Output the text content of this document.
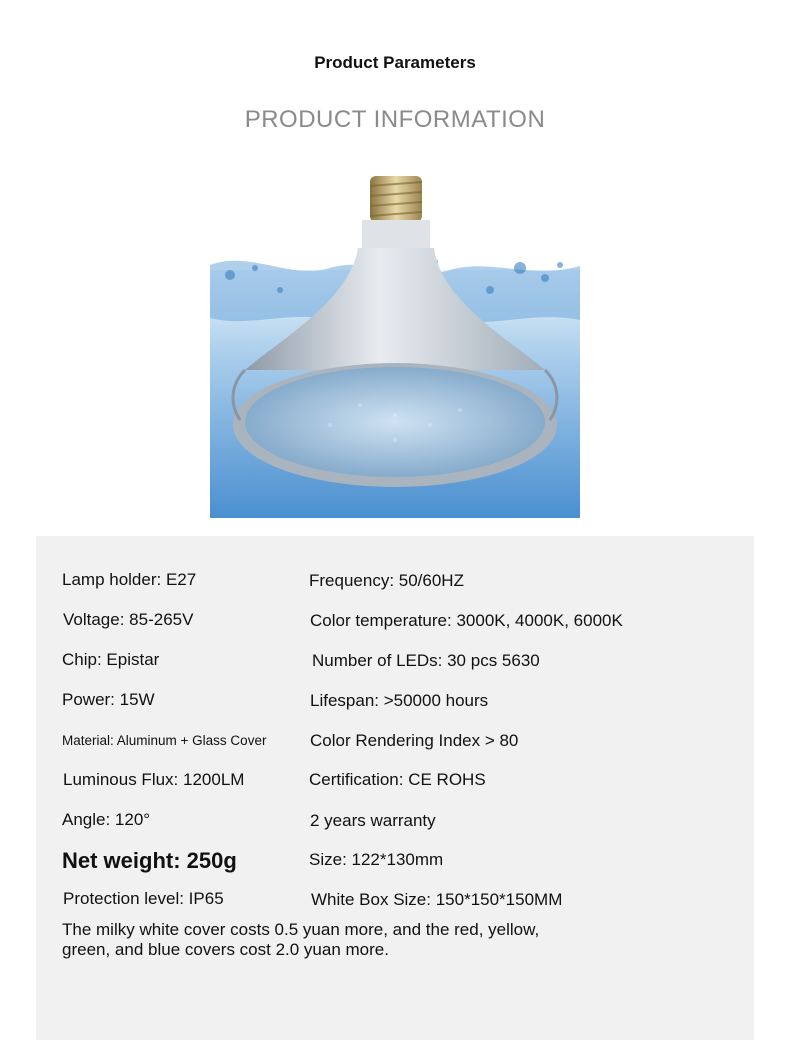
Product Parameters
PRODUCT INFORMATION
Lamp holder: E27
Voltage: 85-265V
Chip: Epistar
Power: 15W
Material: Aluminum + Glass Cover
Luminous Flux: 1200LM
Angle: 120°
Net weight: 250g
Protection level: IP65
Frequency: 50/60HZ
Color temperature: 3000K, 4000K, 6000K
Number of LEDs: 30 pcs 5630
Lifespan: >50000 hours
Color Rendering Index > 80
Certification: CE ROHS
2 years warranty
Size: 122*130mm
White Box Size: 150*150*150MM
The milky white cover costs 0.5 yuan more, and the red, yellow, green, and blue covers cost 2.0 yuan more.
